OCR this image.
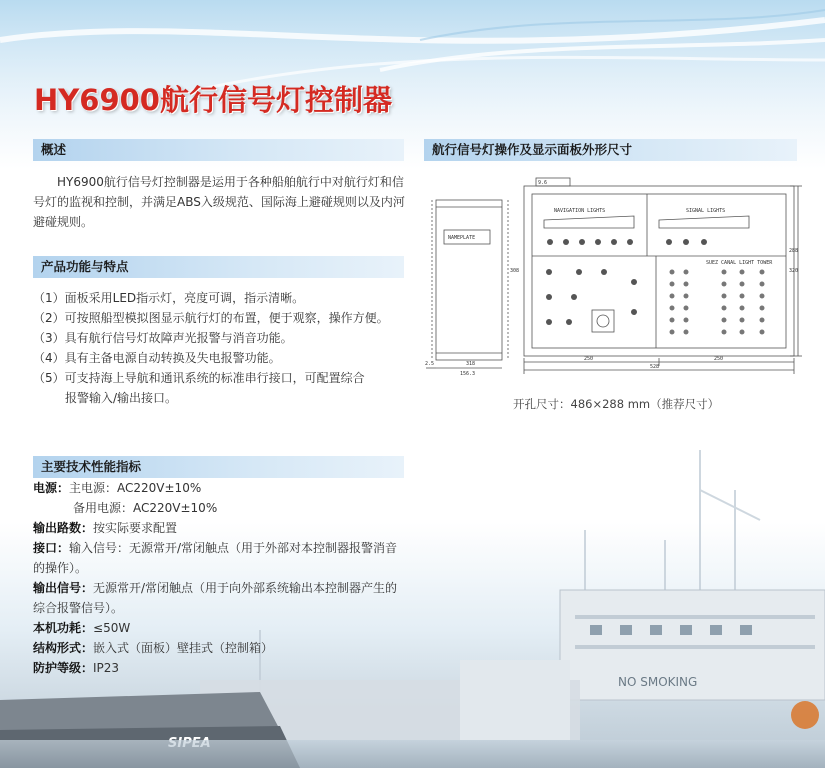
NO SMOKING
HY6900航行信号灯控制器
概述
HY6900航行信号灯控制器是运用于各种船舶航行中对航行灯和信号灯的监视和控制，并满足ABS入级规范、国际海上避碰规则以及内河避碰规则。
产品功能与特点
（1）面板采用LED指示灯，亮度可调，指示清晰。
（2）可按照船型模拟图显示航行灯的布置，便于观察，操作方便。
（3）具有航行信号灯故障声光报警与消音功能。
（4）具有主备电源自动转换及失电报警功能。
（5）可支持海上导航和通讯系统的标准串行接口，可配置综合
报警输入/输出接口。
主要技术性能指标
电源：主电源：AC220V±10%
备用电源：AC220V±10%
输出路数：按实际要求配置
接口：输入信号：无源常开/常闭触点（用于外部对本控制器报警消音的操作）。
输出信号：无源常开/常闭触点（用于向外部系统输出本控制器产生的综合报警信号）。
本机功耗：≤50W
结构形式：嵌入式（面板）壁挂式（控制箱）
防护等级：IP23
航行信号灯操作及显示面板外形尺寸
NAVIGATION LIGHTS	SIGNAL LIGHTS
SUEZ CANAL LIGHT TOWER
NAMEPLATE
528
250	250
318
156.3
2.5
320
288
308
9.6
开孔尺寸：486×288 mm（推荐尺寸）
